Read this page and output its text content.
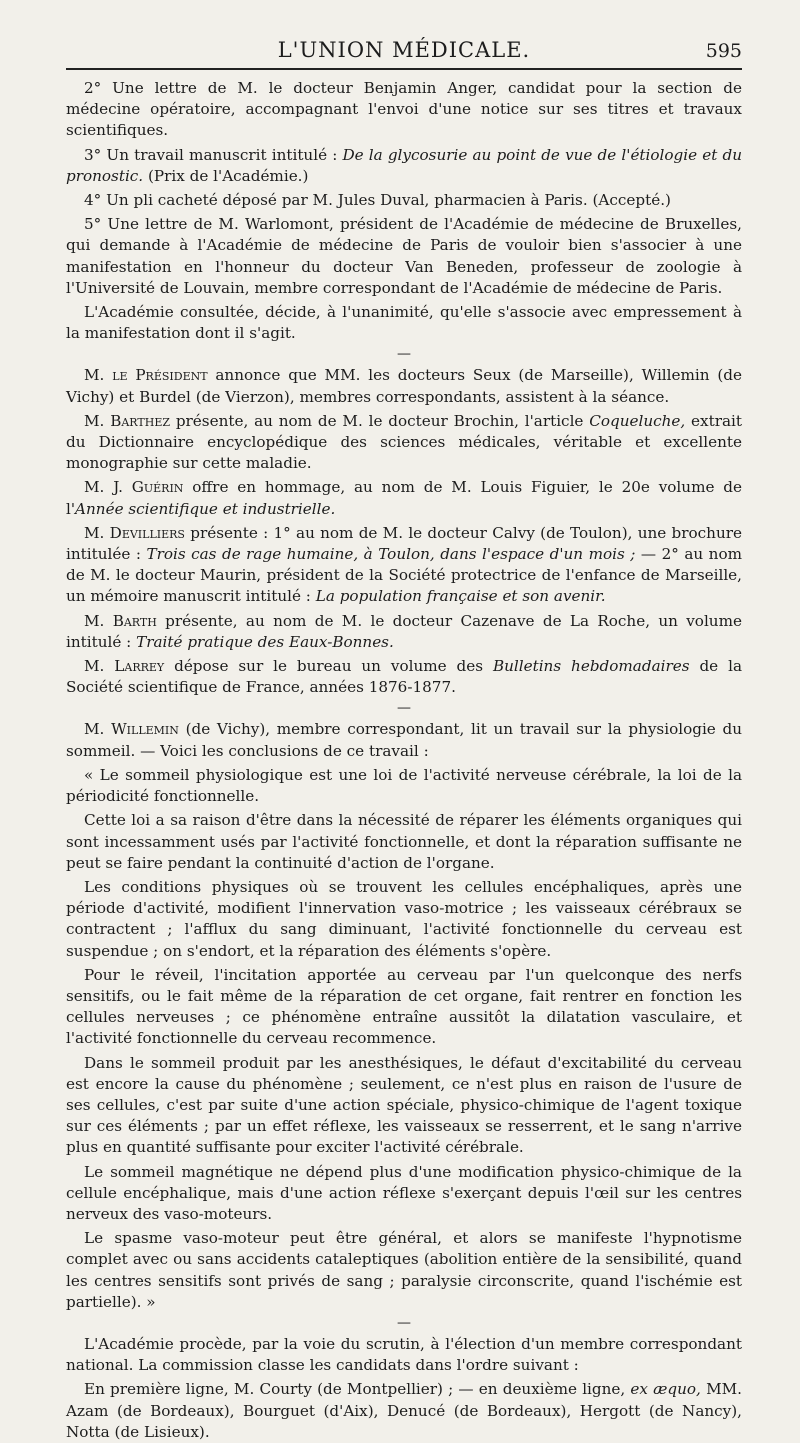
L'UNION MÉDICALE.	595

2° Une lettre de M. le docteur Benjamin Anger, candidat pour la section de médecine opératoire, accompagnant l'envoi d'une notice sur ses titres et travaux scientifiques.

3° Un travail manuscrit intitulé : De la glycosurie au point de vue de l'étiologie et du pronostic. (Prix de l'Académie.)

4° Un pli cacheté déposé par M. Jules Duval, pharmacien à Paris. (Accepté.)

5° Une lettre de M. Warlomont, président de l'Académie de médecine de Bruxelles, qui demande à l'Académie de médecine de Paris de vouloir bien s'associer à une manifestation en l'honneur du docteur Van Beneden, professeur de zoologie à l'Université de Louvain, membre correspondant de l'Académie de médecine de Paris.

L'Académie consultée, décide, à l'unanimité, qu'elle s'associe avec empressement à la manifestation dont il s'agit.

—

M. le Président annonce que MM. les docteurs Seux (de Marseille), Willemin (de Vichy) et Burdel (de Vierzon), membres correspondants, assistent à la séance.

M. Barthez présente, au nom de M. le docteur Brochin, l'article Coqueluche, extrait du Dictionnaire encyclopédique des sciences médicales, véritable et excellente monographie sur cette maladie.

M. J. Guérin offre en hommage, au nom de M. Louis Figuier, le 20e volume de l'Année scientifique et industrielle.

M. Devilliers présente : 1° au nom de M. le docteur Calvy (de Toulon), une brochure intitulée : Trois cas de rage humaine, à Toulon, dans l'espace d'un mois ; — 2° au nom de M. le docteur Maurin, président de la Société protectrice de l'enfance de Marseille, un mémoire manuscrit intitulé : La population française et son avenir.

M. Barth présente, au nom de M. le docteur Cazenave de La Roche, un volume intitulé : Traité pratique des Eaux-Bonnes.

M. Larrey dépose sur le bureau un volume des Bulletins hebdomadaires de la Société scientifique de France, années 1876-1877.

—

M. Willemin (de Vichy), membre correspondant, lit un travail sur la physiologie du sommeil. — Voici les conclusions de ce travail :

« Le sommeil physiologique est une loi de l'activité nerveuse cérébrale, la loi de la périodicité fonctionnelle.

Cette loi a sa raison d'être dans la nécessité de réparer les éléments organiques qui sont incessamment usés par l'activité fonctionnelle, et dont la réparation suffisante ne peut se faire pendant la continuité d'action de l'organe.

Les conditions physiques où se trouvent les cellules encéphaliques, après une période d'activité, modifient l'innervation vaso-motrice ; les vaisseaux cérébraux se contractent ; l'afflux du sang diminuant, l'activité fonctionnelle du cerveau est suspendue ; on s'endort, et la réparation des éléments s'opère.

Pour le réveil, l'incitation apportée au cerveau par l'un quelconque des nerfs sensitifs, ou le fait même de la réparation de cet organe, fait rentrer en fonction les cellules nerveuses ; ce phénomène entraîne aussitôt la dilatation vasculaire, et l'activité fonctionnelle du cerveau recommence.

Dans le sommeil produit par les anesthésiques, le défaut d'excitabilité du cerveau est encore la cause du phénomène ; seulement, ce n'est plus en raison de l'usure de ses cellules, c'est par suite d'une action spéciale, physico-chimique de l'agent toxique sur ces éléments ; par un effet réflexe, les vaisseaux se resserrent, et le sang n'arrive plus en quantité suffisante pour exciter l'activité cérébrale.

Le sommeil magnétique ne dépend plus d'une modification physico-chimique de la cellule encéphalique, mais d'une action réflexe s'exerçant depuis l'œil sur les centres nerveux des vaso-moteurs.

Le spasme vaso-moteur peut être général, et alors se manifeste l'hypnotisme complet avec ou sans accidents cataleptiques (abolition entière de la sensibilité, quand les centres sensitifs sont privés de sang ; paralysie circonscrite, quand l'ischémie est partielle). »

—

L'Académie procède, par la voie du scrutin, à l'élection d'un membre correspondant national. La commission classe les candidats dans l'ordre suivant :

En première ligne, M. Courty (de Montpellier) ; — en deuxième ligne, ex æquo, MM. Azam (de Bordeaux), Bourguet (d'Aix), Denucé (de Bordeaux), Hergott (de Nancy), Notta (de Lisieux).
